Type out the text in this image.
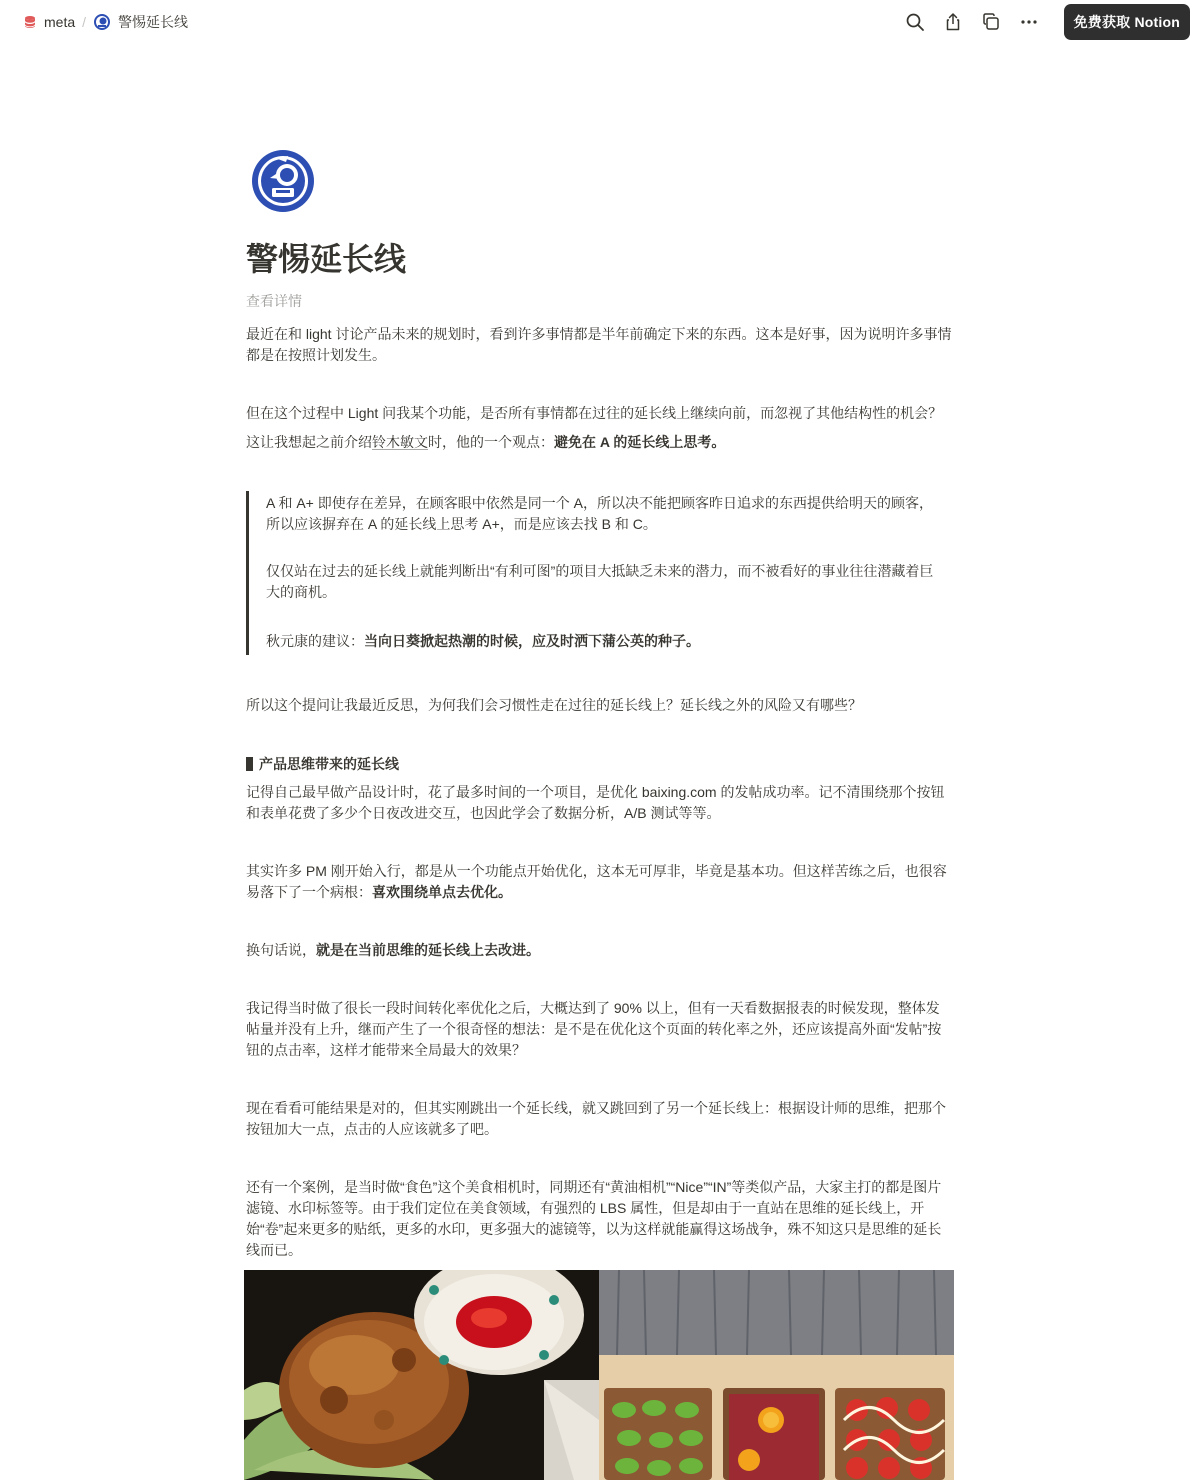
meta / 警惕延长线	免费获取 Notion
警惕延长线
查看详情

最近在和 light 讨论产品未来的规划时，看到许多事情都是半年前确定下来的东西。这本是好事，因为说明许多事情都是在按照计划发生。

但在这个过程中 Light 问我某个功能，是否所有事情都在过往的延长线上继续向前，而忽视了其他结构性的机会？

这让我想起之前介绍铃木敏文时，他的一个观点：避免在 A 的延长线上思考。

A 和 A+ 即使存在差异，在顾客眼中依然是同一个 A，所以决不能把顾客昨日追求的东西提供给明天的顾客，所以应该摒弃在 A 的延长线上思考 A+，而是应该去找 B 和 C。

仅仅站在过去的延长线上就能判断出“有利可图”的项目大抵缺乏未来的潜力，而不被看好的事业往往潜藏着巨大的商机。

秋元康的建议：当向日葵掀起热潮的时候，应及时洒下蒲公英的种子。

所以这个提问让我最近反思，为何我们会习惯性走在过往的延长线上？延长线之外的风险又有哪些？

产品思维带来的延长线

记得自己最早做产品设计时，花了最多时间的一个项目，是优化 baixing.com 的发帖成功率。记不清围绕那个按钮和表单花费了多少个日夜改进交互，也因此学会了数据分析，A/B 测试等等。

其实许多 PM 刚开始入行，都是从一个功能点开始优化，这本无可厚非，毕竟是基本功。但这样苦练之后，也很容易落下了一个病根：喜欢围绕单点去优化。

换句话说，就是在当前思维的延长线上去改进。

我记得当时做了很长一段时间转化率优化之后，大概达到了 90% 以上，但有一天看数据报表的时候发现，整体发帖量并没有上升，继而产生了一个很奇怪的想法：是不是在优化这个页面的转化率之外，还应该提高外面“发帖”按钮的点击率，这样才能带来全局最大的效果？

现在看看可能结果是对的，但其实刚跳出一个延长线，就又跳回到了另一个延长线上：根据设计师的思维，把那个按钮加大一点，点击的人应该就多了吧。

还有一个案例，是当时做“食色”这个美食相机时，同期还有“黄油相机”“Nice”“IN”等类似产品，大家主打的都是图片滤镜、水印标签等。由于我们定位在美食领域，有强烈的 LBS 属性，但是却由于一直站在思维的延长线上，开始“卷”起来更多的贴纸，更多的水印，更多强大的滤镜等，以为这样就能赢得这场战争，殊不知这只是思维的延长线而已。
